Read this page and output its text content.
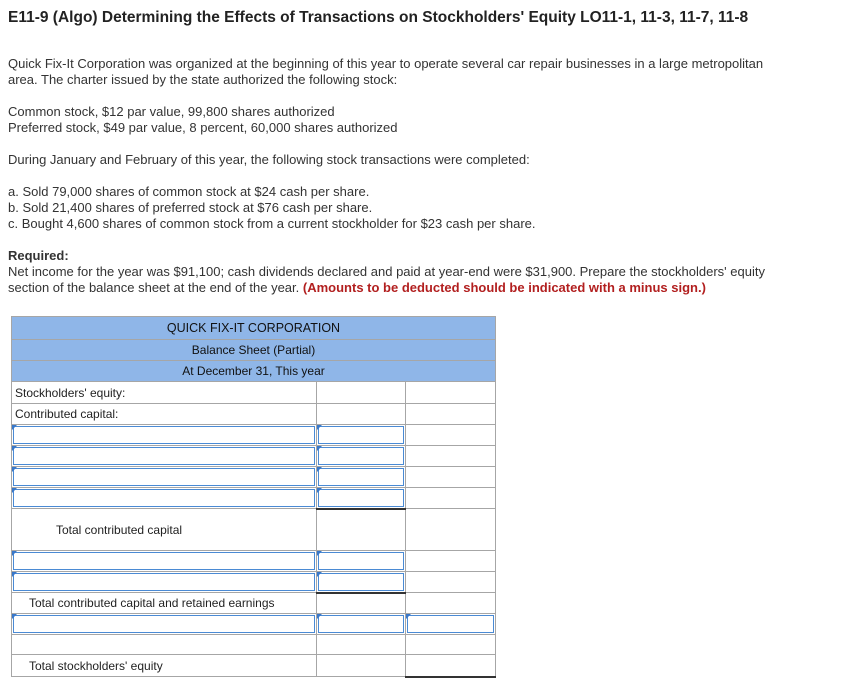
E11-9 (Algo) Determining the Effects of Transactions on Stockholders' Equity LO11-1, 11-3, 11-7, 11-8

Quick Fix-It Corporation was organized at the beginning of this year to operate several car repair businesses in a large metropolitan

area. The charter issued by the state authorized the following stock:

Common stock, $12 par value, 99,800 shares authorized

Preferred stock, $49 par value, 8 percent, 60,000 shares authorized

During January and February of this year, the following stock transactions were completed:

a. Sold 79,000 shares of common stock at $24 cash per share.

b. Sold 21,400 shares of preferred stock at $76 cash per share.

c. Bought 4,600 shares of common stock from a current stockholder for $23 cash per share.

Required:

Net income for the year was $91,100; cash dividends declared and paid at year-end were $31,900. Prepare the stockholders' equity

section of the balance sheet at the end of the year. (Amounts to be deducted should be indicated with a minus sign.)

QUICK FIX-IT CORPORATION		
Balance Sheet (Partial)		
At December 31, This year		
Stockholders' equity:		
Contributed capital:		

Total contributed capital		

Total contributed capital and retained earnings		

Total stockholders' equity		
